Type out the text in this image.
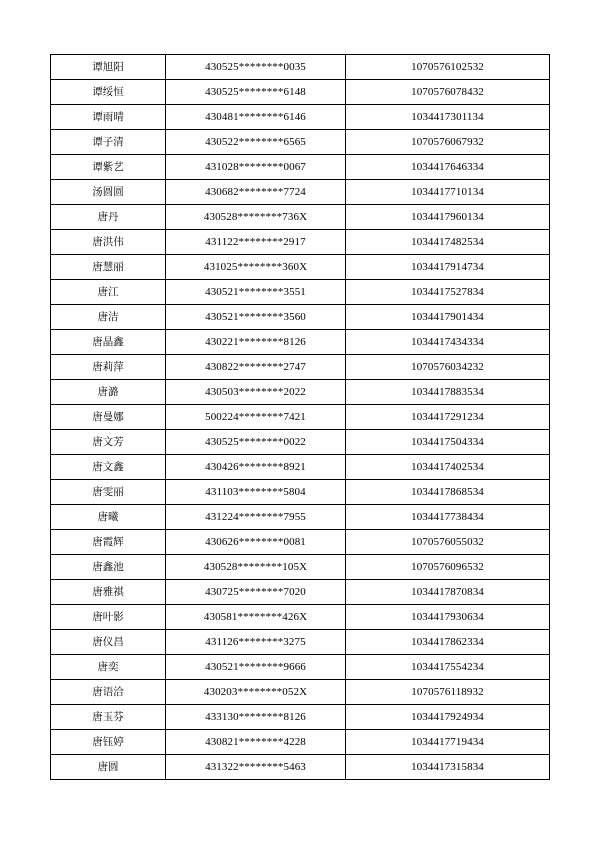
谭旭阳	430525********0035	1070576102532
谭绥恒	430525********6148	1070576078432
谭雨晴	430481********6146	1034417301134
谭子清	430522********6565	1070576067932
谭紫艺	431028********0067	1034417646334
汤圆圆	430682********7724	1034417710134
唐丹	430528********736X	1034417960134
唐洪伟	431122********2917	1034417482534
唐慧丽	431025********360X	1034417914734
唐江	430521********3551	1034417527834
唐洁	430521********3560	1034417901434
唐晶鑫	430221********8126	1034417434334
唐莉萍	430822********2747	1070576034232
唐潞	430503********2022	1034417883534
唐曼娜	500224********7421	1034417291234
唐文芳	430525********0022	1034417504334
唐文鑫	430426********8921	1034417402534
唐雯丽	431103********5804	1034417868534
唐曦	431224********7955	1034417738434
唐霞辉	430626********0081	1070576055032
唐鑫池	430528********105X	1070576096532
唐雅祺	430725********7020	1034417870834
唐叶影	430581********426X	1034417930634
唐仪昌	431126********3275	1034417862334
唐奕	430521********9666	1034417554234
唐语洽	430203********052X	1070576118932
唐玉芬	433130********8126	1034417924934
唐钰婷	430821********4228	1034417719434
唐圆	431322********5463	1034417315834
